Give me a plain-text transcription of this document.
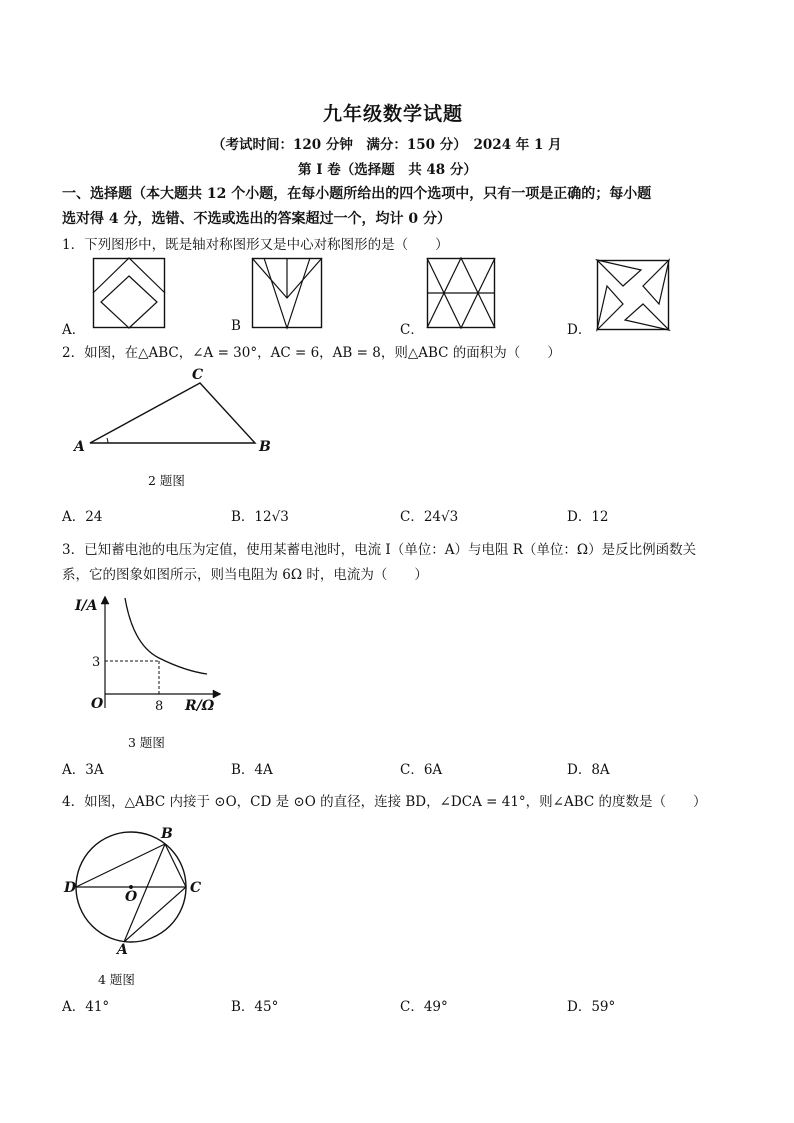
九年级数学试题
（考试时间：120 分钟　满分：150 分）　2024 年 1 月
第 I 卷（选择题　共 48 分）
一、选择题（本大题共 12 个小题，在每小题所给出的四个选项中，只有一项是正确的；每小题
选对得 4 分，选错、不选或选出的答案超过一个，均计 0 分）
1．下列图形中，既是轴对称图形又是中心对称图形的是（　　）
A．	B	C．	D．
2．如图，在△ABC，∠A = 30°，AC = 6，AB = 8，则△ABC 的面积为（　　）
A	B
C
2 题图
A．24	B．12√3	C．24√3	D．12
3．已知蓄电池的电压为定值，使用某蓄电池时，电流 I（单位：A）与电阻 R（单位：Ω）是反比例函数关
系，它的图象如图所示，则当电阻为 6Ω 时，电流为（　　）
I/A
3
O	8 R/Ω
3 题图
A．3A	B．4A	C．6A	D．8A
4．如图，△ABC 内接于 ⊙O，CD 是 ⊙O 的直径，连接 BD，∠DCA = 41°，则∠ABC 的度数是（　　）
B
C
D
O
A
4 题图
A．41°	B．45°	C．49°	D．59°
